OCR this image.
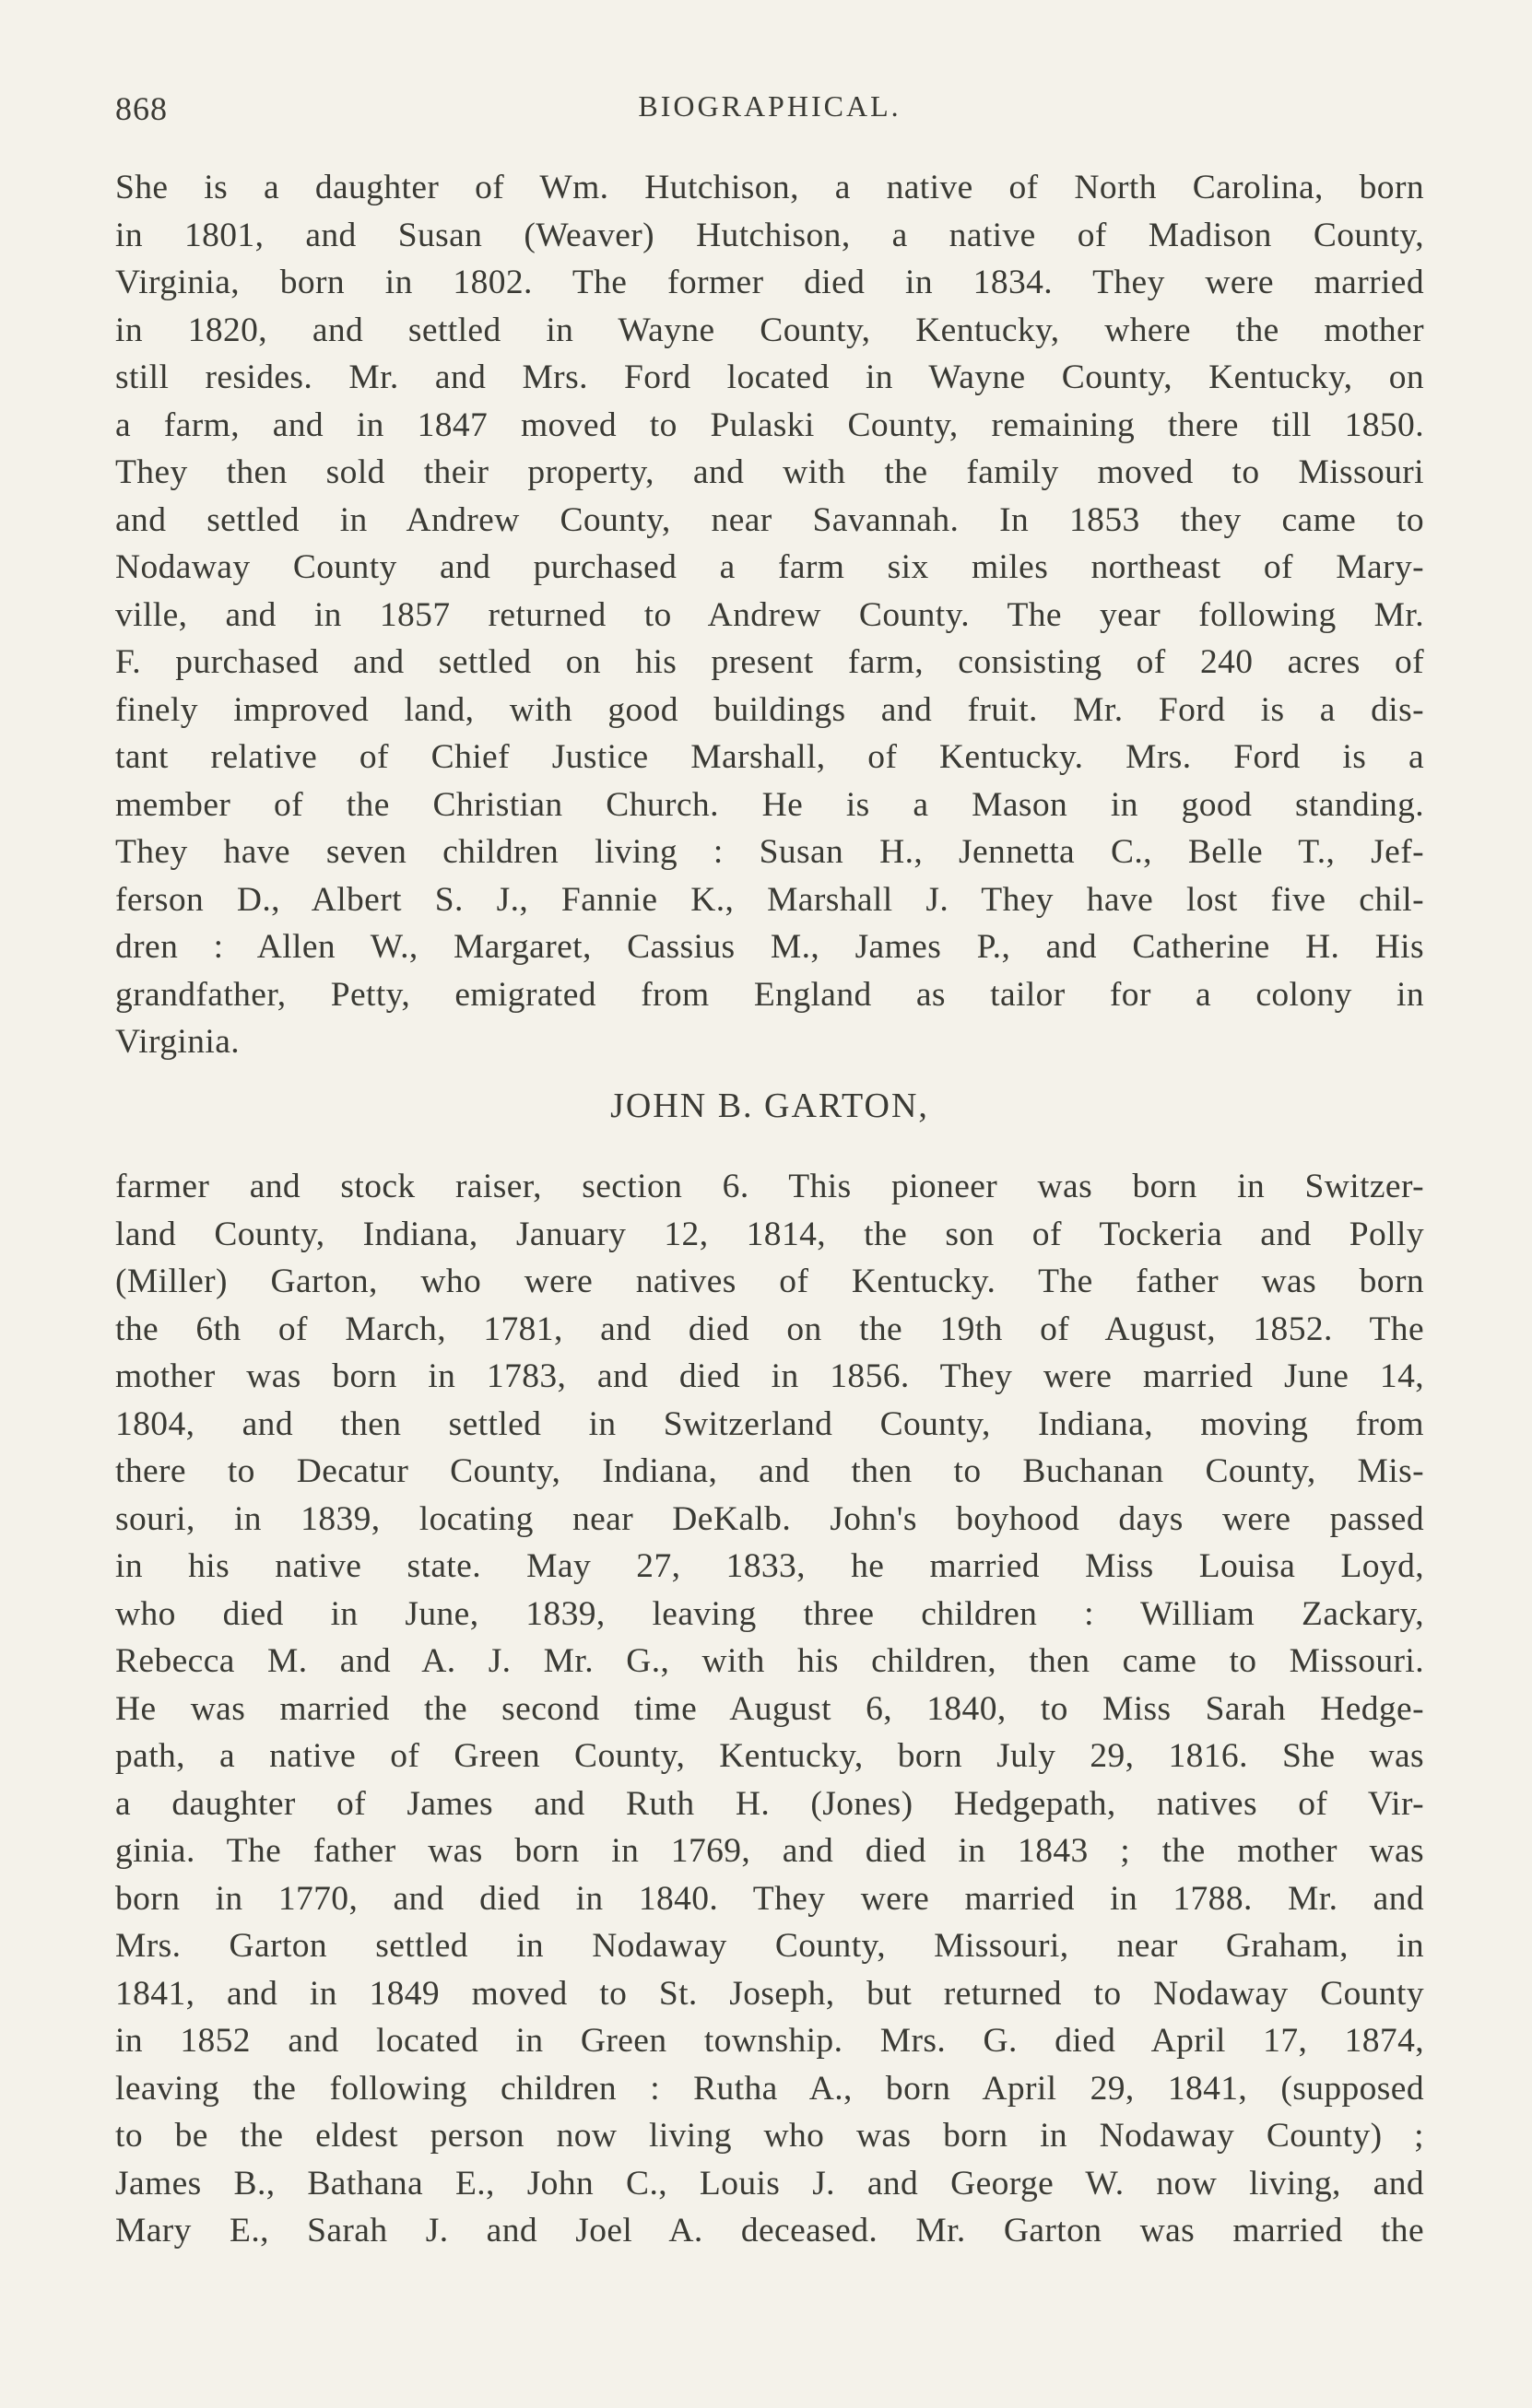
868	BIOGRAPHICAL.
She is a daughter of Wm. Hutchison, a native of North Carolina, born
in 1801, and Susan (Weaver) Hutchison, a native of Madison County,
Virginia, born in 1802. The former died in 1834. They were married
in 1820, and settled in Wayne County, Kentucky, where the mother
still resides. Mr. and Mrs. Ford located in Wayne County, Kentucky, on
a farm, and in 1847 moved to Pulaski County, remaining there till 1850.
They then sold their property, and with the family moved to Missouri
and settled in Andrew County, near Savannah. In 1853 they came to
Nodaway County and purchased a farm six miles northeast of Mary-
ville, and in 1857 returned to Andrew County. The year following Mr.
F. purchased and settled on his present farm, consisting of 240 acres of
finely improved land, with good buildings and fruit. Mr. Ford is a dis-
tant relative of Chief Justice Marshall, of Kentucky. Mrs. Ford is a
member of the Christian Church. He is a Mason in good standing.
They have seven children living : Susan H., Jennetta C., Belle T., Jef-
ferson D., Albert S. J., Fannie K., Marshall J. They have lost five chil-
dren : Allen W., Margaret, Cassius M., James P., and Catherine H. His
grandfather, Petty, emigrated from England as tailor for a colony in
Virginia.
JOHN B. GARTON,
farmer and stock raiser, section 6. This pioneer was born in Switzer-
land County, Indiana, January 12, 1814, the son of Tockeria and Polly
(Miller) Garton, who were natives of Kentucky. The father was born
the 6th of March, 1781, and died on the 19th of August, 1852. The
mother was born in 1783, and died in 1856. They were married June 14,
1804, and then settled in Switzerland County, Indiana, moving from
there to Decatur County, Indiana, and then to Buchanan County, Mis-
souri, in 1839, locating near DeKalb. John's boyhood days were passed
in his native state. May 27, 1833, he married Miss Louisa Loyd,
who died in June, 1839, leaving three children : William Zackary,
Rebecca M. and A. J. Mr. G., with his children, then came to Missouri.
He was married the second time August 6, 1840, to Miss Sarah Hedge-
path, a native of Green County, Kentucky, born July 29, 1816. She was
a daughter of James and Ruth H. (Jones) Hedgepath, natives of Vir-
ginia. The father was born in 1769, and died in 1843 ; the mother was
born in 1770, and died in 1840. They were married in 1788. Mr. and
Mrs. Garton settled in Nodaway County, Missouri, near Graham, in
1841, and in 1849 moved to St. Joseph, but returned to Nodaway County
in 1852 and located in Green township. Mrs. G. died April 17, 1874,
leaving the following children : Rutha A., born April 29, 1841, (supposed
to be the eldest person now living who was born in Nodaway County) ;
James B., Bathana E., John C., Louis J. and George W. now living, and
Mary E., Sarah J. and Joel A. deceased. Mr. Garton was married the
